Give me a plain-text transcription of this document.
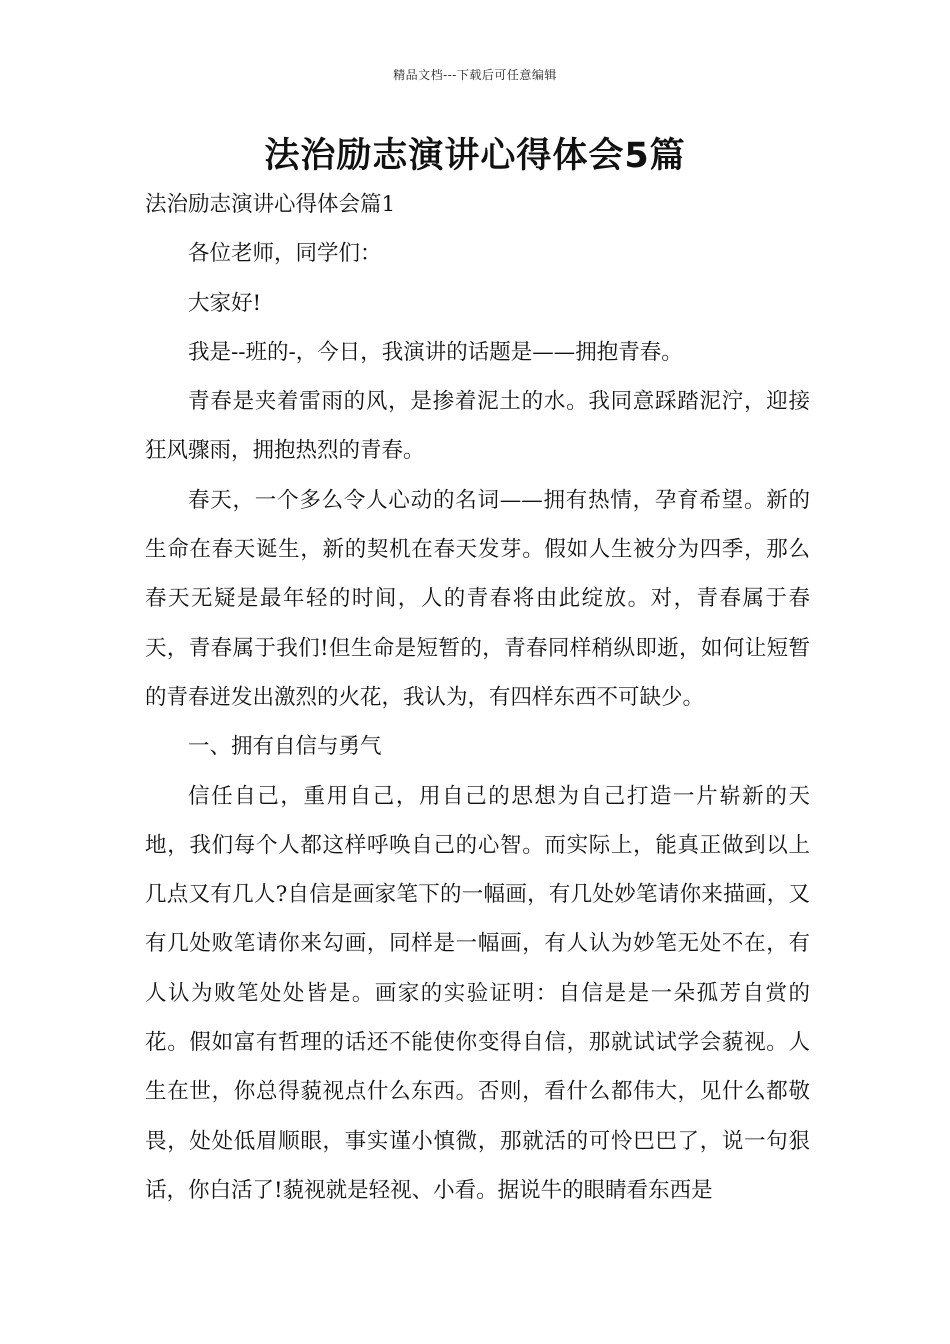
精品文档---下载后可任意编辑
法治励志演讲心得体会5篇

法治励志演讲心得体会篇1

各位老师，同学们：

大家好!

我是--班的-，今日，我演讲的话题是——拥抱青春。

青春是夹着雷雨的风，是掺着泥土的水。我同意踩踏泥泞，迎接狂风骤雨，拥抱热烈的青春。

春天，一个多么令人心动的名词——拥有热情，孕育希望。新的生命在春天诞生，新的契机在春天发芽。假如人生被分为四季，那么春天无疑是最年轻的时间，人的青春将由此绽放。对，青春属于春天，青春属于我们!但生命是短暂的，青春同样稍纵即逝，如何让短暂的青春迸发出激烈的火花，我认为，有四样东西不可缺少。

一、拥有自信与勇气

信任自己，重用自己，用自己的思想为自己打造一片崭新的天地，我们每个人都这样呼唤自己的心智。而实际上，能真正做到以上几点又有几人?自信是画家笔下的一幅画，有几处妙笔请你来描画，又有几处败笔请你来勾画，同样是一幅画，有人认为妙笔无处不在，有人认为败笔处处皆是。画家的实验证明：自信是是一朵孤芳自赏的花。假如富有哲理的话还不能使你变得自信，那就试试学会藐视。人生在世，你总得藐视点什么东西。否则，看什么都伟大，见什么都敬畏，处处低眉顺眼，事实谨小慎微，那就活的可怜巴巴了，说一句狠话，你白活了!藐视就是轻视、小看。据说牛的眼睛看东西是
